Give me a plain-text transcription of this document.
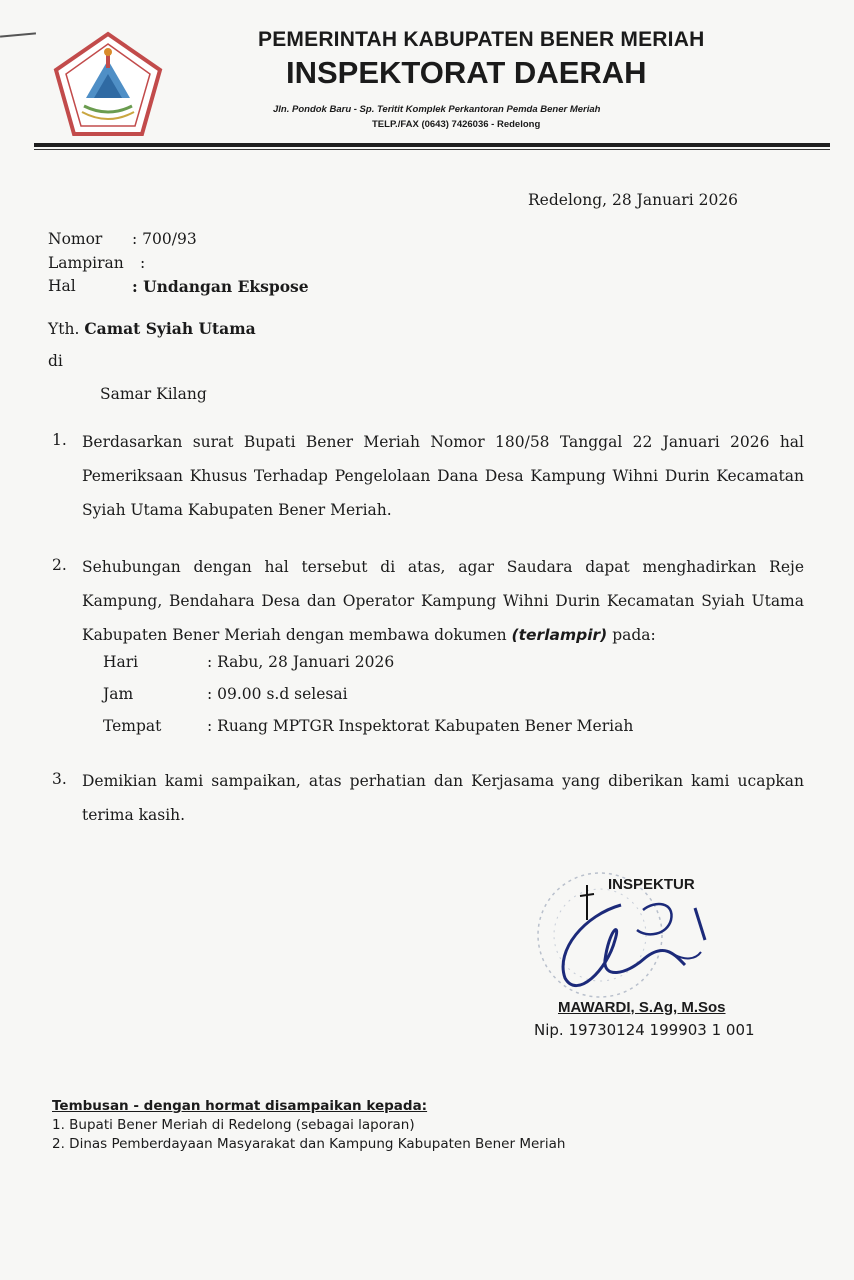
PEMERINTAH KABUPATEN BENER MERIAH
INSPEKTORAT DAERAH
Jln. Pondok Baru - Sp. Teritit Komplek Perkantoran Pemda Bener Meriah
TELP./FAX (0643) 7426036 - Redelong
Redelong, 28 Januari 2026
Nomor : 700/93
Lampiran :
Hal	: Undangan Ekspose
Yth. Camat Syiah Utama
di
Samar Kilang
1. Berdasarkan surat Bupati Bener Meriah Nomor 180/58 Tanggal 22 Januari 2026 hal Pemeriksaan Khusus Terhadap Pengelolaan Dana Desa Kampung Wihni Durin Kecamatan Syiah Utama Kabupaten Bener Meriah.
2. Sehubungan dengan hal tersebut di atas, agar Saudara dapat menghadirkan Reje Kampung, Bendahara Desa dan Operator Kampung Wihni Durin Kecamatan Syiah Utama Kabupaten Bener Meriah dengan membawa dokumen (terlampir) pada:
Hari	: Rabu, 28 Januari 2026
Jam	: 09.00 s.d selesai
Tempat	: Ruang MPTGR Inspektorat Kabupaten Bener Meriah
3. Demikian kami sampaikan, atas perhatian dan Kerjasama yang diberikan kami ucapkan terima kasih.
INSPEKTUR
MAWARDI, S.Ag, M.Sos
Nip. 19730124 199903 1 001
Tembusan - dengan hormat disampaikan kepada:
1. Bupati Bener Meriah di Redelong (sebagai laporan)
2. Dinas Pemberdayaan Masyarakat dan Kampung Kabupaten Bener Meriah
